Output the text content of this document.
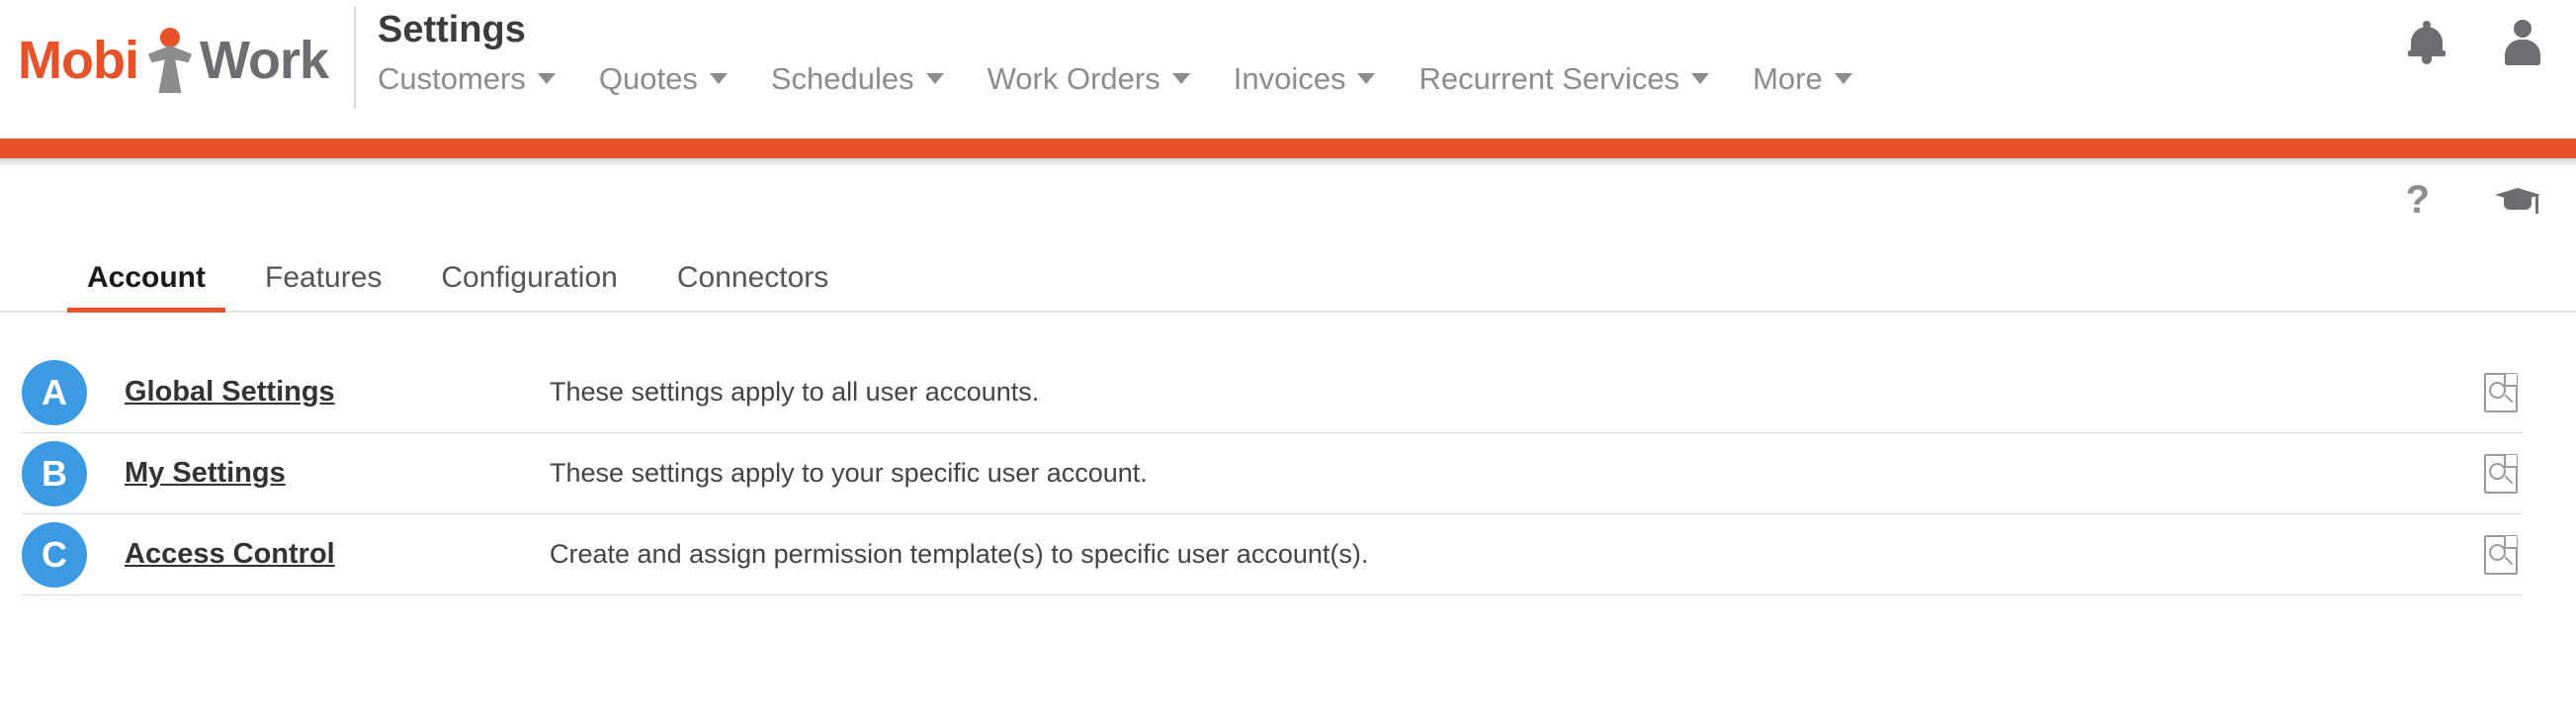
Mobi Work
Settings
Customers Quotes Schedules Work Orders Invoices Recurrent Services More
?
Account	Features	Configuration	Connectors
A	Global Settings	These settings apply to all user accounts.
B	My Settings	These settings apply to your specific user account.
C	Access Control	Create and assign permission template(s) to specific user account(s).
